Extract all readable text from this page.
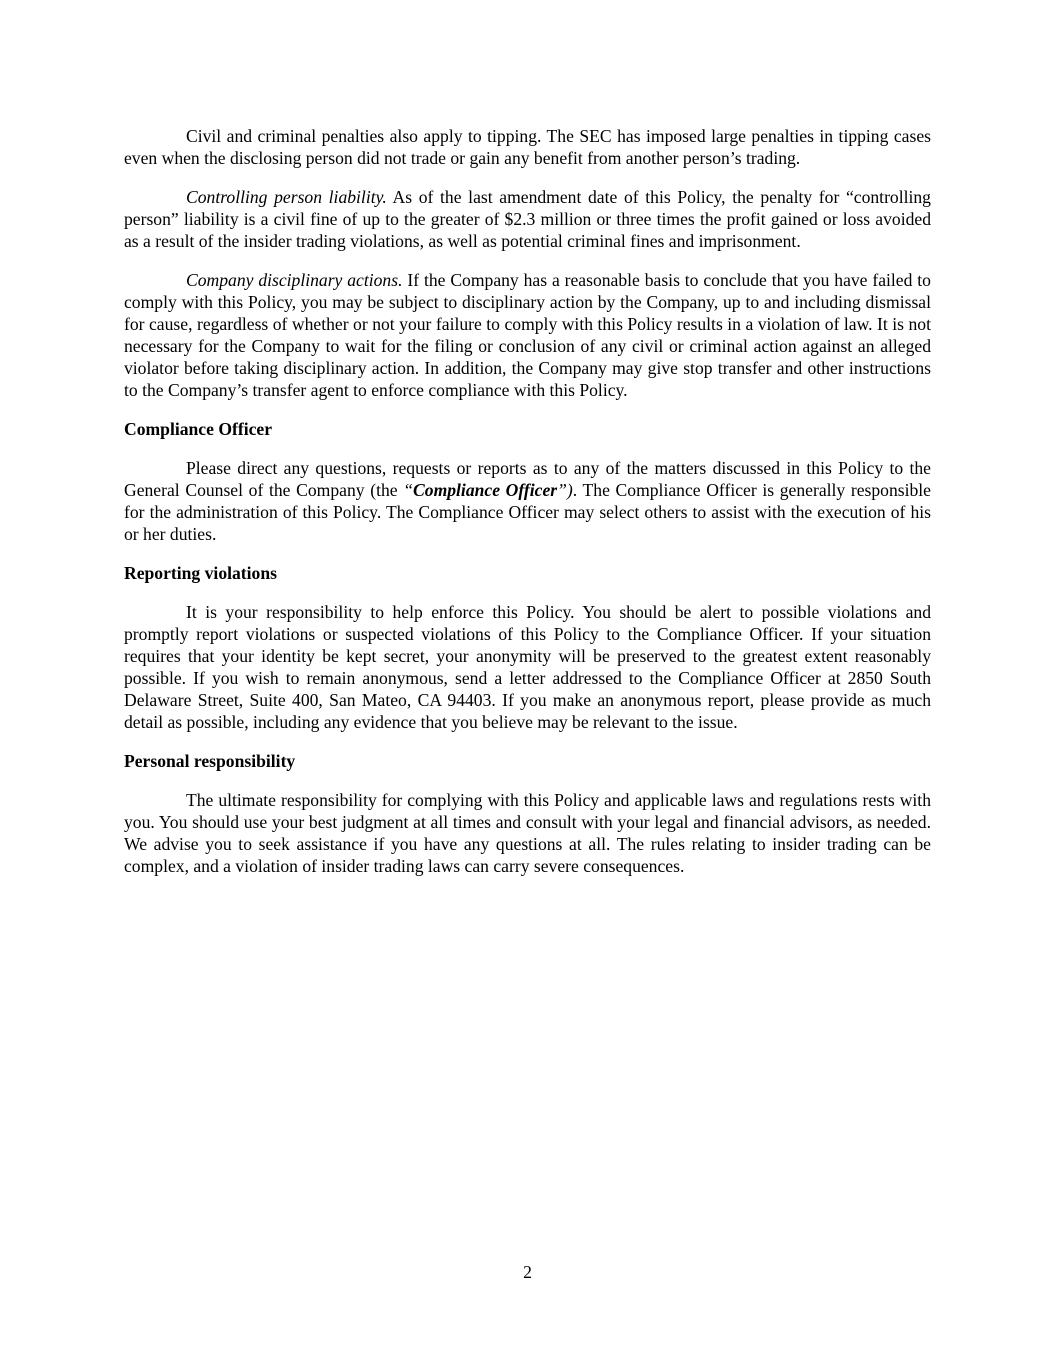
Civil and criminal penalties also apply to tipping. The SEC has imposed large penalties in tipping cases even when the disclosing person did not trade or gain any benefit from another person’s trading.

Controlling person liability. As of the last amendment date of this Policy, the penalty for “controlling person” liability is a civil fine of up to the greater of $2.3 million or three times the profit gained or loss avoided as a result of the insider trading violations, as well as potential criminal fines and imprisonment.

Company disciplinary actions. If the Company has a reasonable basis to conclude that you have failed to comply with this Policy, you may be subject to disciplinary action by the Company, up to and including dismissal for cause, regardless of whether or not your failure to comply with this Policy results in a violation of law. It is not necessary for the Company to wait for the filing or conclusion of any civil or criminal action against an alleged violator before taking disciplinary action. In addition, the Company may give stop transfer and other instructions to the Company’s transfer agent to enforce compliance with this Policy.

Compliance Officer

Please direct any questions, requests or reports as to any of the matters discussed in this Policy to the General Counsel of the Company (the “Compliance Officer”). The Compliance Officer is generally responsible for the administration of this Policy. The Compliance Officer may select others to assist with the execution of his or her duties.

Reporting violations

It is your responsibility to help enforce this Policy. You should be alert to possible violations and promptly report violations or suspected violations of this Policy to the Compliance Officer. If your situation requires that your identity be kept secret, your anonymity will be preserved to the greatest extent reasonably possible. If you wish to remain anonymous, send a letter addressed to the Compliance Officer at 2850 South Delaware Street, Suite 400, San Mateo, CA 94403. If you make an anonymous report, please provide as much detail as possible, including any evidence that you believe may be relevant to the issue.

Personal responsibility

The ultimate responsibility for complying with this Policy and applicable laws and regulations rests with you. You should use your best judgment at all times and consult with your legal and financial advisors, as needed. We advise you to seek assistance if you have any questions at all. The rules relating to insider trading can be complex, and a violation of insider trading laws can carry severe consequences.

2
